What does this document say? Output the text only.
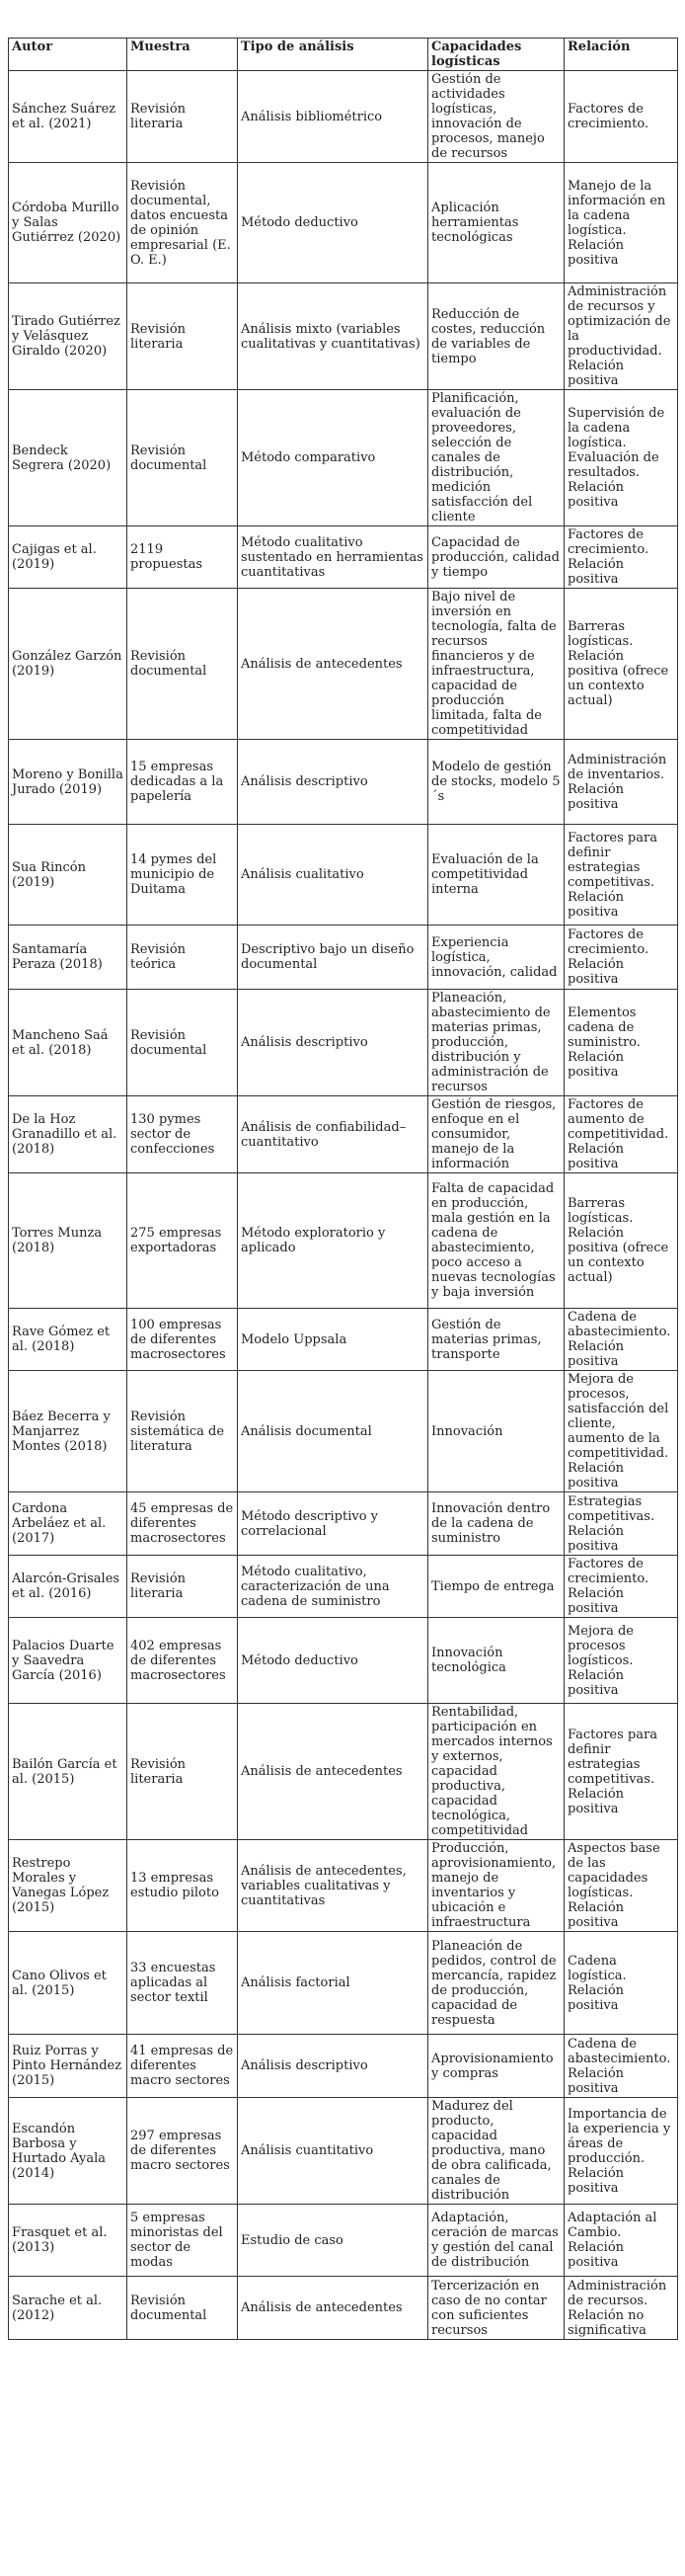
Autor	Muestra	Tipo de análisis	Capacidades logísticas	Relación
Sánchez Suárez et al. (2021)	Revisión literaria	Análisis bibliométrico	Gestión de actividades logísticas, innovación de procesos, manejo de recursos	Factores de crecimiento.
Córdoba Murillo y Salas Gutiérrez (2020)	Revisión documental, datos encuesta de opinión empresarial (E. O. E.)	Método deductivo	Aplicación herramientas tecnológicas	Manejo de la información en la cadena logística. Relación positiva
Tirado Gutiérrez y Velásquez Giraldo (2020)	Revisión literaria	Análisis mixto (variables cualitativas y cuantitativas)	Reducción de costes, reducción de variables de tiempo	Administración de recursos y optimización de la productividad. Relación positiva
Bendeck Segrera (2020)	Revisión documental	Método comparativo	Planificación, evaluación de proveedores, selección de canales de distribución, medición satisfacción del cliente	Supervisión de la cadena logística. Evaluación de resultados. Relación positiva
Cajigas et al. (2019)	2119 propuestas	Método cualitativo sustentado en herramientas cuantitativas	Capacidad de producción, calidad y tiempo	Factores de crecimiento. Relación positiva
González Garzón (2019)	Revisión documental	Análisis de antecedentes	Bajo nivel de inversión en tecnología, falta de recursos financieros y de infraestructura, capacidad de producción limitada, falta de competitividad	Barreras logísticas. Relación positiva (ofrece un contexto actual)
Moreno y Bonilla Jurado (2019)	15 empresas dedicadas a la papelería	Análisis descriptivo	Modelo de gestión de stocks, modelo 5´s	Administración de inventarios. Relación positiva
Sua Rincón (2019)	14 pymes del municipio de Duitama	Análisis cualitativo	Evaluación de la competitividad interna	Factores para definir estrategias competitivas. Relación positiva
Santamaría Peraza (2018)	Revisión teórica	Descriptivo bajo un diseño documental	Experiencia logística, innovación, calidad	Factores de crecimiento. Relación positiva
Mancheno Saá et al. (2018)	Revisión documental	Análisis descriptivo	Planeación, abastecimiento de materias primas, producción, distribución y administración de recursos	Elementos cadena de suministro. Relación positiva
De la Hoz Granadillo et al. (2018)	130 pymes sector de confecciones	Análisis de confiabilidad–cuantitativo	Gestión de riesgos, enfoque en el consumidor, manejo de la información	Factores de aumento de competitividad. Relación positiva
Torres Munza (2018)	275 empresas exportadoras	Método exploratorio y aplicado	Falta de capacidad en producción, mala gestión en la cadena de abastecimiento, poco acceso a nuevas tecnologías y baja inversión	Barreras logísticas. Relación positiva (ofrece un contexto actual)
Rave Gómez et al. (2018)	100 empresas de diferentes macrosectores	Modelo Uppsala	Gestión de materias primas, transporte	Cadena de abastecimiento. Relación positiva
Báez Becerra y Manjarrez Montes (2018)	Revisión sistemática de literatura	Análisis documental	Innovación	Mejora de procesos, satisfacción del cliente, aumento de la competitividad. Relación positiva
Cardona Arbeláez et al. (2017)	45 empresas de diferentes macrosectores	Método descriptivo y correlacional	Innovación dentro de la cadena de suministro	Estrategias competitivas. Relación positiva
Alarcón-Grisales et al. (2016)	Revisión literaria	Método cualitativo, caracterización de una cadena de suministro	Tiempo de entrega	Factores de crecimiento. Relación positiva
Palacios Duarte y Saavedra García (2016)	402 empresas de diferentes macrosectores	Método deductivo	Innovación tecnológica	Mejora de procesos logísticos. Relación positiva
Bailón García et al. (2015)	Revisión literaria	Análisis de antecedentes	Rentabilidad, participación en mercados internos y externos, capacidad productiva, capacidad tecnológica, competitividad	Factores para definir estrategias competitivas. Relación positiva
Restrepo Morales y Vanegas López (2015)	13 empresas estudio piloto	Análisis de antecedentes, variables cualitativas y cuantitativas	Producción, aprovisionamiento, manejo de inventarios y ubicación e infraestructura	Aspectos base de las capacidades logísticas. Relación positiva
Cano Olivos et al. (2015)	33 encuestas aplicadas al sector textil	Análisis factorial	Planeación de pedidos, control de mercancía, rapidez de producción, capacidad de respuesta	Cadena logística. Relación positiva
Ruiz Porras y Pinto Hernández (2015)	41 empresas de diferentes macro sectores	Análisis descriptivo	Aprovisionamiento y compras	Cadena de abastecimiento. Relación positiva
Escandón Barbosa y Hurtado Ayala (2014)	297 empresas de diferentes macro sectores	Análisis cuantitativo	Madurez del producto, capacidad productiva, mano de obra calificada, canales de distribución	Importancia de la experiencia y áreas de producción. Relación positiva
Frasquet et al. (2013)	5 empresas minoristas del sector de modas	Estudio de caso	Adaptación, ceración de marcas y gestión del canal de distribución	Adaptación al Cambio. Relación positiva
Sarache et al. (2012)	Revisión documental	Análisis de antecedentes	Tercerización en caso de no contar con suficientes recursos	Administración de recursos. Relación no significativa
